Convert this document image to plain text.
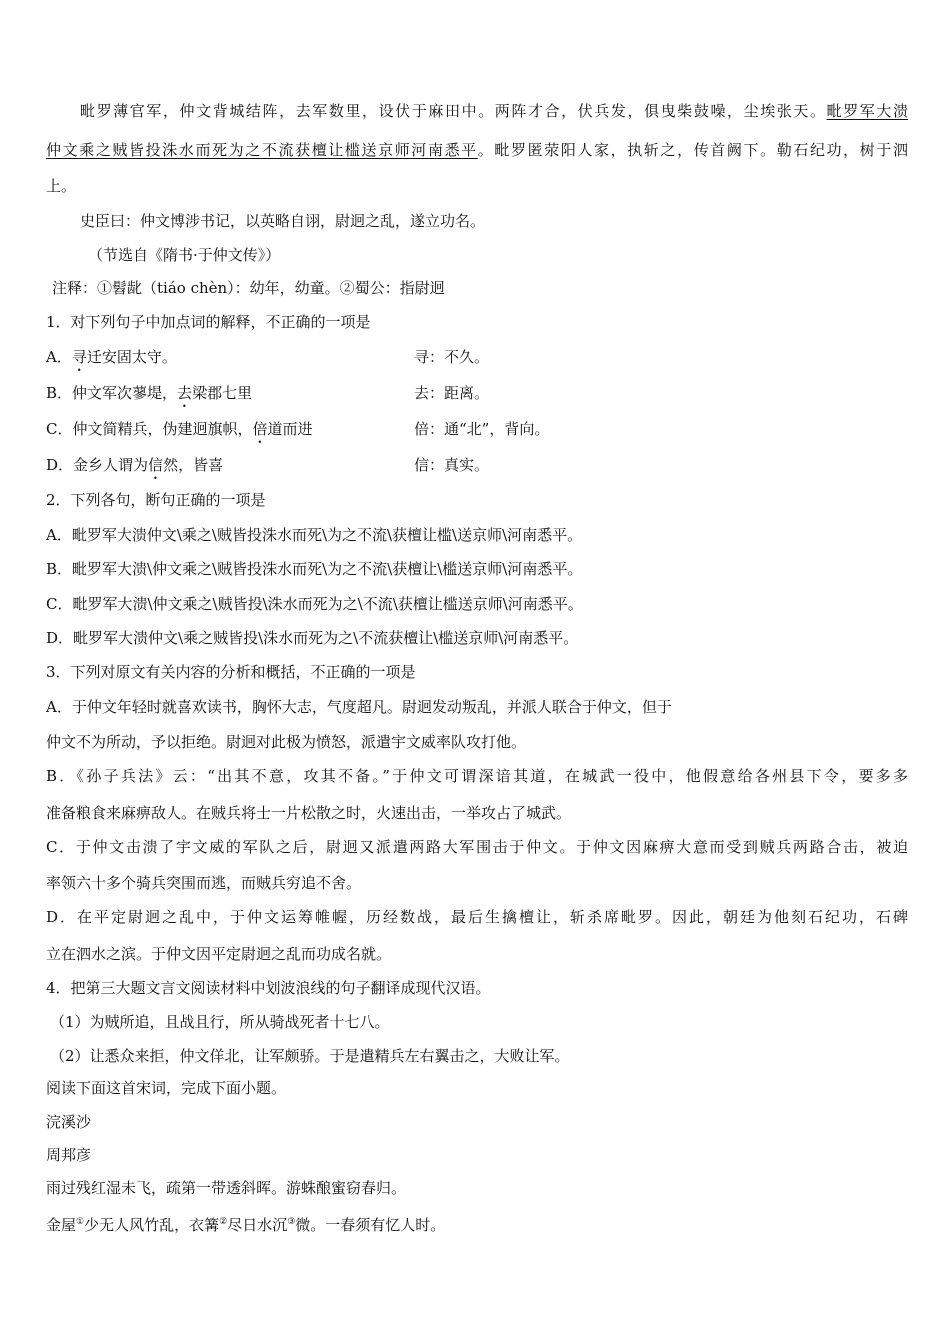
毗罗薄官军，仲文背城结阵，去军数里，设伏于麻田中。两阵才合，伏兵发，俱曳柴鼓噪，尘埃张天。毗罗军大溃
仲文乘之贼皆投洙水而死为之不流获檀让槛送京师河南悉平。毗罗匿荥阳人家，执斩之，传首阙下。勒石纪功，树于泗
上。
史臣曰：仲文博涉书记，以英略自诩，尉迥之乱，遂立功名。
（节选自《隋书·于仲文传》）
注释：①髫龀（tiáo chèn）：幼年，幼童。②蜀公：指尉迥
1．对下列句子中加点词的解释，不正确的一项是
A．寻迁安固太守。	寻：不久。
B．仲文军次蓼堤，去梁郡七里	去：距离。
C．仲文简精兵，伪建迥旗帜，倍道而进	倍：通“北”，背向。
D．金乡人谓为信然，皆喜	信：真实。
2．下列各句，断句正确的一项是
A．毗罗军大溃仲文\乘之\贼皆投洙水而死\为之不流\获檀让槛\送京师\河南悉平。
B．毗罗军大溃\仲文乘之\贼皆投洙水而死\为之不流\获檀让\槛送京师\河南悉平。
C．毗罗军大溃\仲文乘之\贼皆投\洙水而死为之\不流\获檀让槛送京师\河南悉平。
D．毗罗军大溃仲文\乘之贼皆投\洙水而死为之\不流获檀让\槛送京师\河南悉平。
3．下列对原文有关内容的分析和概括，不正确的一项是
A．于仲文年轻时就喜欢读书，胸怀大志，气度超凡。尉迥发动叛乱，并派人联合于仲文，但于
仲文不为所动，予以拒绝。尉迥对此极为愤怒，派遣宇文威率队攻打他。
B．《孙子兵法》云：“出其不意，攻其不备。”于仲文可谓深谙其道，在城武一役中，他假意给各州县下令，要多多
准备粮食来麻痹敌人。在贼兵将士一片松散之时，火速出击，一举攻占了城武。
C．于仲文击溃了宇文威的军队之后，尉迥又派遣两路大军围击于仲文。于仲文因麻痹大意而受到贼兵两路合击，被迫
率领六十多个骑兵突围而逃，而贼兵穷追不舍。
D．在平定尉迥之乱中，于仲文运筹帷幄，历经数战，最后生擒檀让，斩杀席毗罗。因此，朝廷为他刻石纪功，石碑
立在泗水之滨。于仲文因平定尉迥之乱而功成名就。
4．把第三大题文言文阅读材料中划波浪线的句子翻译成现代汉语。
（1）为贼所追，且战且行，所从骑战死者十七八。
（2）让悉众来拒，仲文佯北，让军颇骄。于是遣精兵左右翼击之，大败让军。
阅读下面这首宋词，完成下面小题。
浣溪沙
周邦彦
雨过残红湿未飞，疏第一带透斜晖。游蛛酿蜜窃春归。
金屋①少无人风竹乱，衣篝②尽日水沉③微。一春须有忆人时。
